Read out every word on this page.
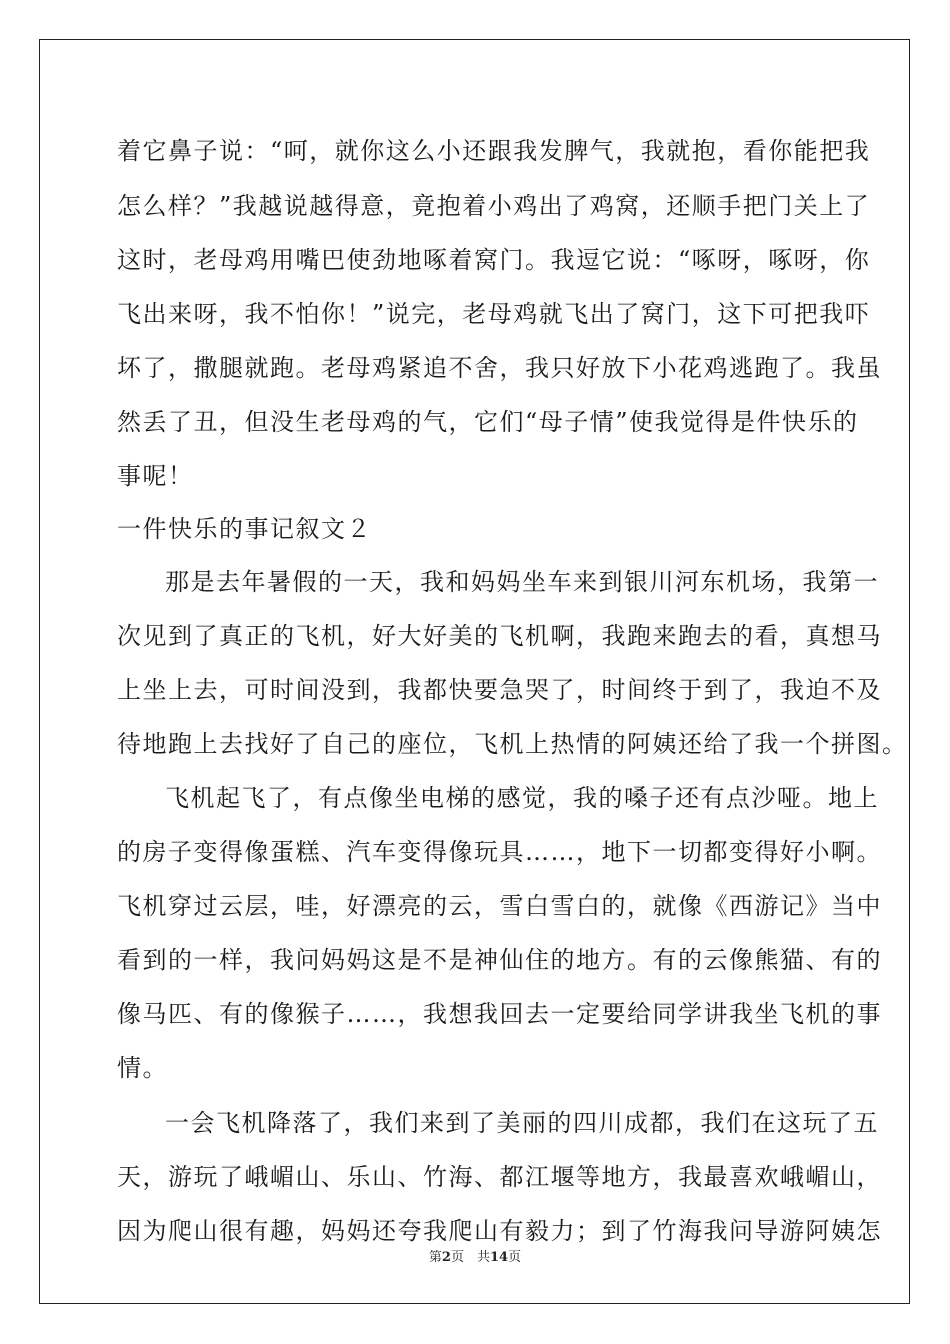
着它鼻子说：“呵，就你这么小还跟我发脾气，我就抱，看你能把我
怎么样？”我越说越得意，竟抱着小鸡出了鸡窝，还顺手把门关上了
这时，老母鸡用嘴巴使劲地啄着窝门。我逗它说：“啄呀，啄呀，你
飞出来呀，我不怕你！”说完，老母鸡就飞出了窝门，这下可把我吓
坏了，撒腿就跑。老母鸡紧追不舍，我只好放下小花鸡逃跑了。我虽
然丢了丑，但没生老母鸡的气，它们“母子情”使我觉得是件快乐的
事呢！
一件快乐的事记叙文２
那是去年暑假的一天，我和妈妈坐车来到银川河东机场，我第一
次见到了真正的飞机，好大好美的飞机啊，我跑来跑去的看，真想马
上坐上去，可时间没到，我都快要急哭了，时间终于到了，我迫不及
待地跑上去找好了自己的座位，飞机上热情的阿姨还给了我一个拼图。
飞机起飞了，有点像坐电梯的感觉，我的嗓子还有点沙哑。地上
的房子变得像蛋糕、汽车变得像玩具……，地下一切都变得好小啊。
飞机穿过云层，哇，好漂亮的云，雪白雪白的，就像《西游记》当中
看到的一样，我问妈妈这是不是神仙住的地方。有的云像熊猫、有的
像马匹、有的像猴子……，我想我回去一定要给同学讲我坐飞机的事
情。
一会飞机降落了，我们来到了美丽的四川成都，我们在这玩了五
天，游玩了峨嵋山、乐山、竹海、都江堰等地方，我最喜欢峨嵋山，
因为爬山很有趣，妈妈还夸我爬山有毅力；到了竹海我问导游阿姨怎
第2页　共14页
